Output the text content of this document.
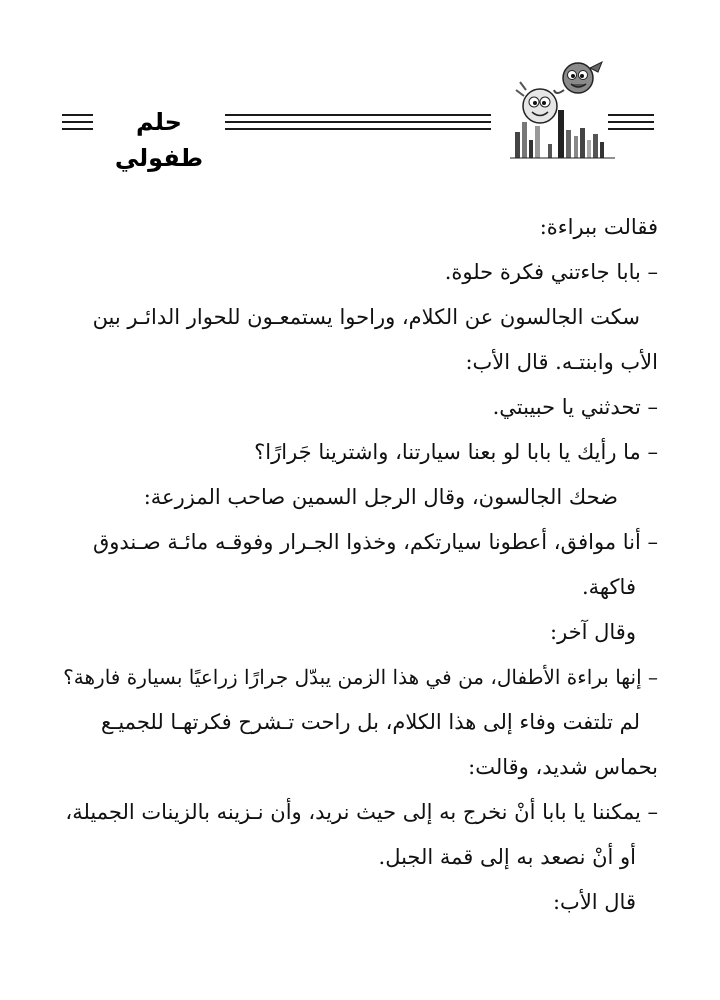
حلم طفولي
فقالت ببراءة:
– بابا جاءتني فكرة حلوة.
سكت الجالسون عن الكلام، وراحوا يستمعـون للحوار الدائـر بين
الأب وابنتـه. قال الأب:
– تحدثني يا حبيبتي.
– ما رأيك يا بابا لو بعنا سيارتنا، واشترينا جَرارًا؟
ضحك الجالسون، وقال الرجل السمين صاحب المزرعة:
– أنا موافق، أعطونا سيارتكم، وخذوا الجـرار وفوقـه مائـة صـندوق
فاكهة.
وقال آخر:
– إنها براءة الأطفال، من في هذا الزمن يبدّل جرارًا زراعيًا بسيارة فارهة؟
لم تلتفت وفاء إلى هذا الكلام، بل راحت تـشرح فكرتهـا للجميـع
بحماس شديد، وقالت:
– يمكننا يا بابا أنْ نخرج به إلى حيث نريد، وأن نـزينه بالزينات الجميلة،
أو أنْ نصعد به إلى قمة الجبل.
قال الأب:
